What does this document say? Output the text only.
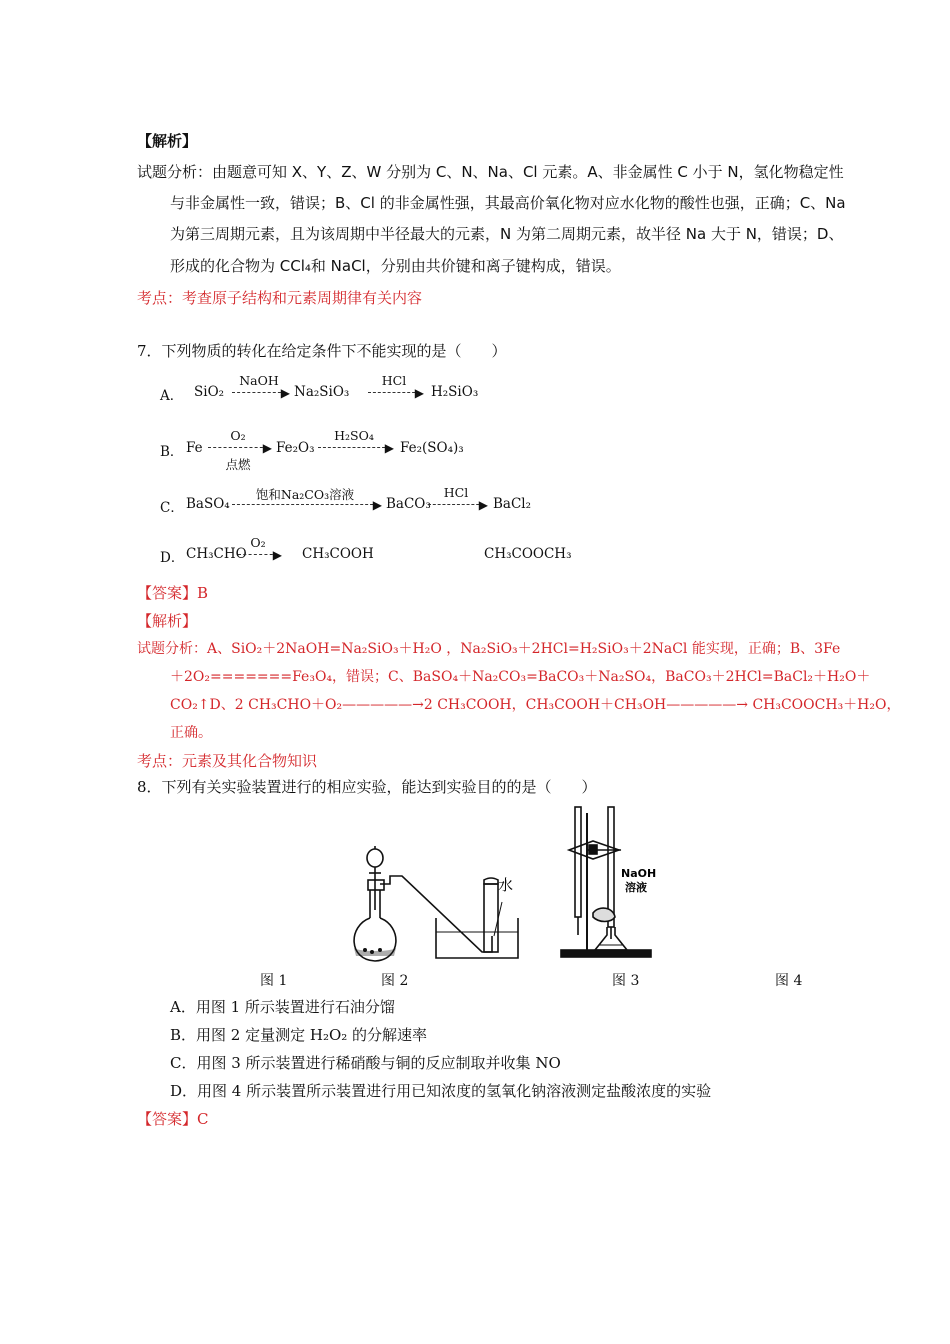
【解析】
试题分析：由题意可知 X、Y、Z、W 分别为 C、N、Na、Cl 元素。A、非金属性 C 小于 N，氢化物稳定性
与非金属性一致，错误；B、Cl 的非金属性强，其最高价氧化物对应水化物的酸性也强，正确；C、Na
为第三周期元素，且为该周期中半径最大的元素，N 为第二周期元素，故半径 Na 大于 N，错误；D、
形成的化合物为 CCl₄和 NaCl，分别由共价键和离子键构成，错误。
考点：考查原子结构和元素周期律有关内容
7．下列物质的转化在给定条件下不能实现的是（　　）
A． SiO₂
NaOH
▶ Na₂SiO₃
HCl
▶ H₂SiO₃
B． Fe
O₂
▶
点燃
Fe₂O₃
H₂SO₄
▶ Fe₂(SO₄)₃
C． BaSO₄
饱和Na₂CO₃溶液
▶ BaCO₃
HCl
▶ BaCl₂
D． CH₃CHO
O₂
▶ CH₃COOH	CH₃COOCH₃
【答案】B
【解析】
试题分析：A、SiO₂＋2NaOH=Na₂SiO₃＋H₂O ，Na₂SiO₃＋2HCl=H₂SiO₃＋2NaCl 能实现，正确；B、3Fe
＋2O₂=======Fe₃O₄，错误；C、BaSO₄＋Na₂CO₃=BaCO₃＋Na₂SO₄，BaCO₃＋2HCl=BaCl₂＋H₂O＋
CO₂↑D、2 CH₃CHO＋O₂—————→2 CH₃COOH，CH₃COOH＋CH₃OH—————→ CH₃COOCH₃＋H₂O，
正确。
考点：元素及其化合物知识
8．下列有关实验装置进行的相应实验，能达到实验目的的是（　　）
水
NaOH
溶液
图 1	图 2	图 3	图 4
A．用图 1 所示装置进行石油分馏
B．用图 2 定量测定 H₂O₂ 的分解速率
C．用图 3 所示装置进行稀硝酸与铜的反应制取并收集 NO
D．用图 4 所示装置所示装置进行用已知浓度的氢氧化钠溶液测定盐酸浓度的实验
【答案】C
